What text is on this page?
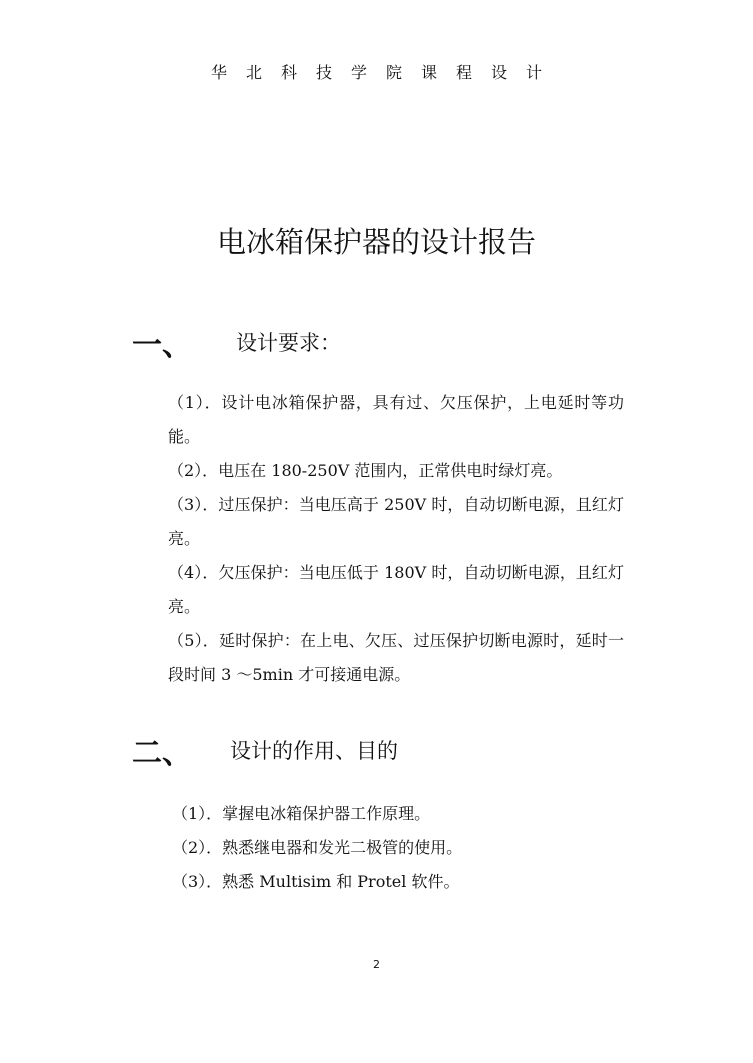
华北科技学院课程设计
电冰箱保护器的设计报告
一、 设计要求：

（1）．设计电冰箱保护器，具有过、欠压保护，上电延时等功能。

（2）．电压在 180-250V 范围内，正常供电时绿灯亮。

（3）．过压保护：当电压高于 250V 时，自动切断电源，且红灯亮。

（4）．欠压保护：当电压低于 180V 时，自动切断电源，且红灯亮。

（5）．延时保护：在上电、欠压、过压保护切断电源时，延时一段时间 3 ～5min 才可接通电源。

二、 设计的作用、目的

（1）．掌握电冰箱保护器工作原理。

（2）．熟悉继电器和发光二极管的使用。

（3）．熟悉 Multisim 和 Protel 软件。

2
